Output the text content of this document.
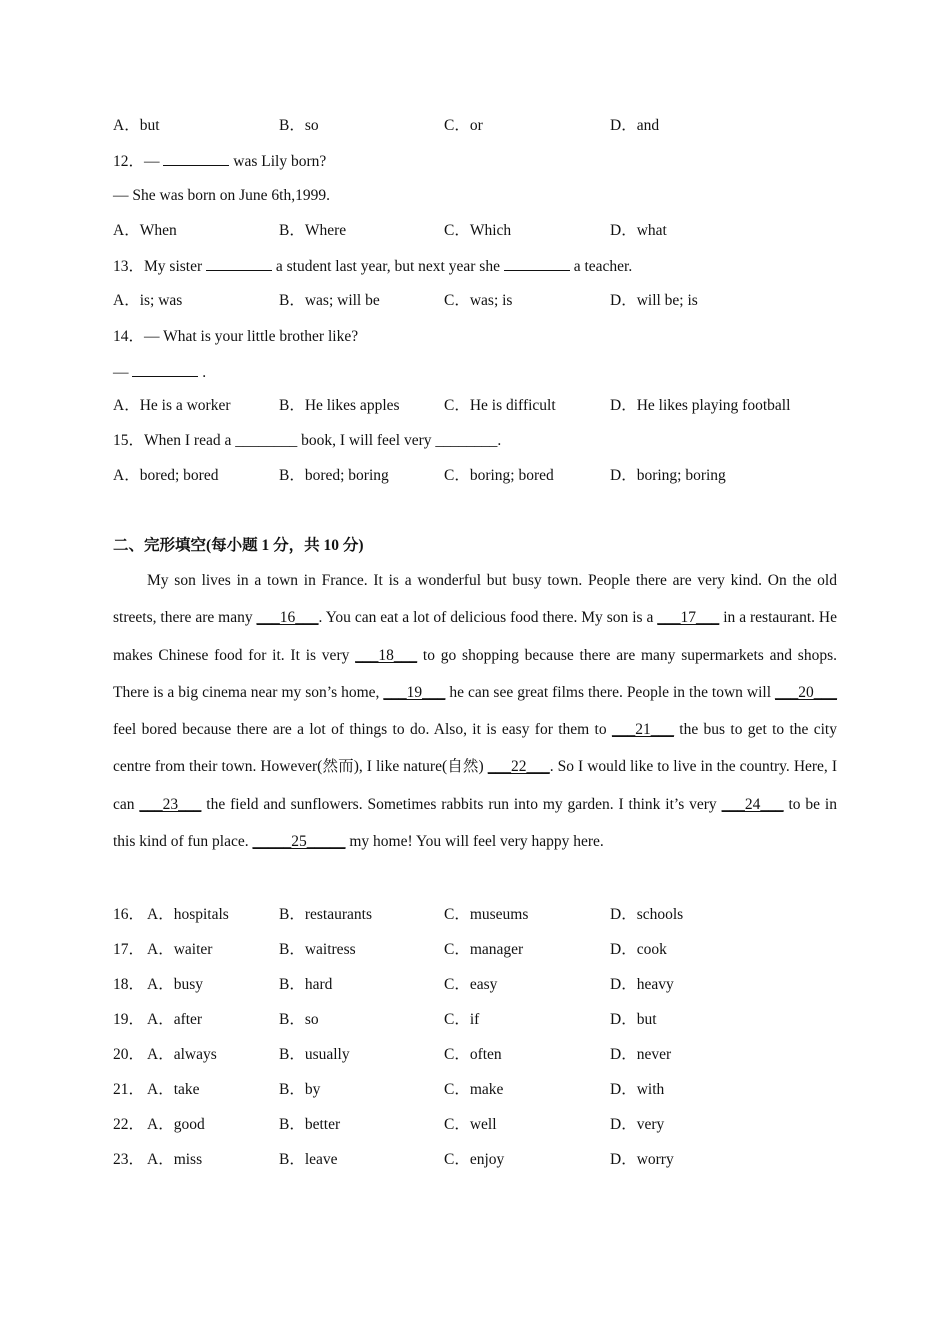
A．but	B．so	C．or	D．and
12．—	was Lily born?
— She was born on June 6th,1999.
A．When	B．Where	C．Which	D．what
13．My sister	a student last year, but next year she	a teacher.
A．is; was	B．was; will be	C．was; is	D．will be; is
14．— What is your little brother like?
—	.
A．He is a worker	B．He likes apples	C．He is difficult	D．He likes playing football
15．When I read a ________ book, I will feel very ________.
A．bored; bored	B．bored; boring	C．boring; bored	D．boring; boring
二、完形填空(每小题 1 分，共 10 分)
My son lives in a town in France. It is a wonderful but busy town. People there are very kind. On the old streets, there are many ___16___. You can eat a lot of delicious food there. My son is a ___17___ in a restaurant. He makes Chinese food for it. It is very ___18___ to go shopping because there are many supermarkets and shops. There is a big cinema near my son’s home, ___19___ he can see great films there. People in the town will ___20___ feel bored because there are a lot of things to do. Also, it is easy for them to ___21___ the bus to get to the city centre from their town. However(然而), I like nature(自然) ___22___. So I would like to live in the country. Here, I can ___23___ the field and sunflowers. Sometimes rabbits run into my garden. I think it’s very ___24___ to be in this kind of fun place. _____25_____ my home! You will feel very happy here.
16． A．hospitals	B．restaurants	C．museums	D．schools
17． A．waiter	B．waitress	C．manager	D．cook
18． A．busy	B．hard	C．easy	D．heavy
19． A．after	B．so	C．if	D．but
20． A．always	B．usually	C．often	D．never
21． A．take	B．by	C．make	D．with
22． A．good	B．better	C．well	D．very
23． A．miss	B．leave	C．enjoy	D．worry
